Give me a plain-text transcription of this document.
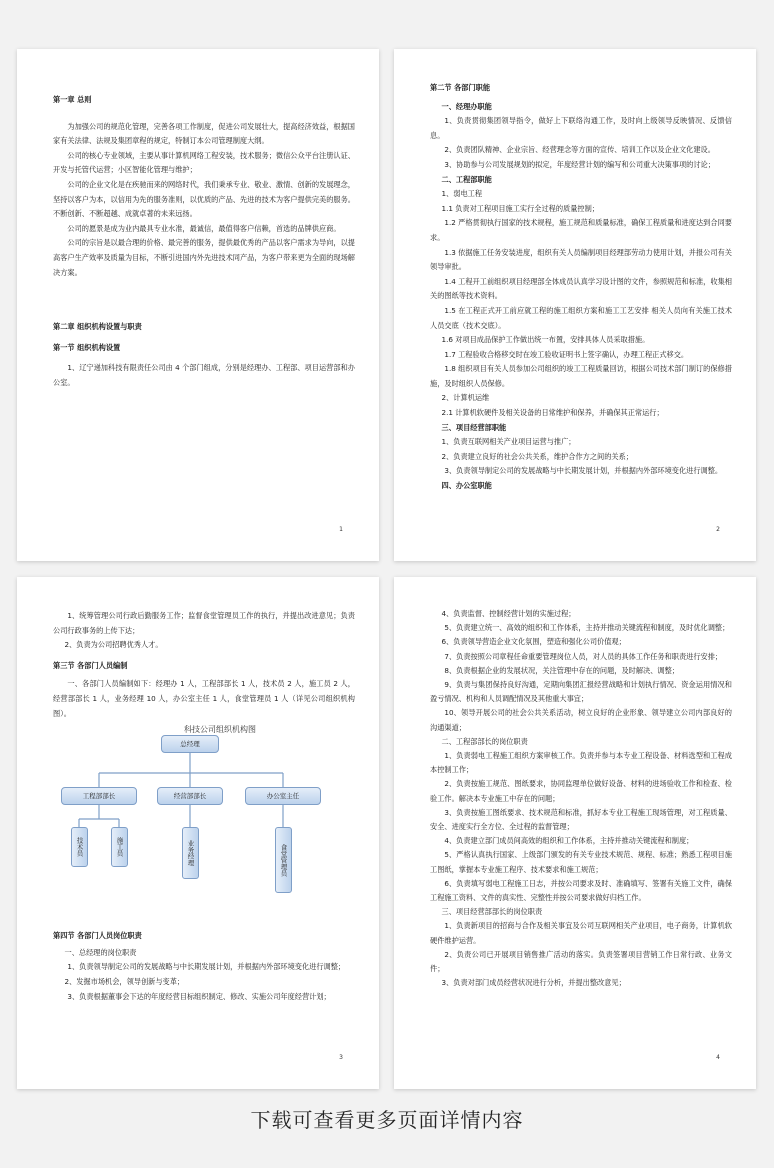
第一章 总则

为加强公司的规范化管理，完善各项工作制度，促进公司发展壮大，提高经济效益，根据国家有关法律、法规及集团章程的规定，特制订本公司管理制度大纲。

公司的核心专业领域，主要从事计算机网络工程安装，技术服务；微信公众平台注册认证、开发与托管代运营；小区智能化管理与维护；

公司的企业文化是在疾驰而来的网络时代，我们秉承专业、敬业、激情、创新的发展理念，坚持以客户为本，以信用为先的服务准则，以优质的产品、先进的技术为客户提供完美的服务。不断创新、不断超越、成就卓著的未来远扬。

公司的愿景是成为业内最具专业水准，最诚信，最值得客户信赖，首选的品牌供应商。

公司的宗旨是以最合理的价格、最完善的服务，提供最优秀的产品以客户需求为导向，以提高客户生产效率及质量为目标，不断引进国内外先进技术同产品，为客户带来更为全面的现场解决方案。

第二章 组织机构设置与职责

第一节 组织机构设置

1、辽宁递加科技有限责任公司由 4 个部门组成，分别是经理办、工程部、项目运营部和办公室。

1

第二节 各部门职能

一、经理办职能

1、负责贯彻集团领导指令，做好上下联络沟通工作，及时向上级领导反映情况、反馈信息。

2、负责团队精神、企业宗旨、经营理念等方面的宣传、培训工作以及企业文化建设。

3、协助参与公司发展规划的拟定，年度经营计划的编写和公司重大决策事项的讨论；

二、工程部职能

1、弱电工程

1.1 负责对工程项目施工实行全过程的质量控制；

1.2 严格贯彻执行国家的技术规程，施工规范和质量标准，确保工程质量和进度达到合同要求。

1.3 依据施工任务安装进度，组织有关人员编制项目经理部劳动力使用计划，并报公司有关领导审批。

1.4 工程开工前组织项目经理部全体成员认真学习设计图的文件，参照规范和标准，收集相关的图纸等技术资料。

1.5 在工程正式开工前应就工程的施工组织方案和施工工艺安排 相关人员向有关施工技术人员交底（技术交底）。

1.6 对项目成品保护工作做出统一布置，安排具体人员采取措施。

1.7 工程验收合格移交时在竣工验收证明书上签字确认，办理工程正式移交。

1.8 组织项目有关人员参加公司组织的竣工工程质量回访，根据公司技术部门制订的保修措施，及时组织人员保修。

2、计算机运维

2.1 计算机软硬件及相关设备的日常维护和保养，并确保其正常运行；

三、项目经营部职能

1、负责互联网相关产业项目运营与推广；

2、负责建立良好的社会公共关系，维护合作方之间的关系；

3、负责领导制定公司的发展战略与中长期发展计划，并根据内外部环境变化进行调整。

四、办公室职能

2

1、统筹管理公司行政后勤服务工作；监督食堂管理员工作的执行，并提出改进意见；负责公司行政事务的上传下达；

2、负责为公司招聘优秀人才。

第三节 各部门人员编制

一、各部门人员编制如下：经理办 1 人，工程部部长 1 人，技术员 2 人，施工员 2 人，经营部部长 1 人，业务经理 10 人，办公室主任 1 人，食堂管理员 1 人（详见公司组织机构图）。

科技公司组织机构图
总经理
工程部部长	经营部部长	办公室主任
技术员	施工员	业务经理	食堂管理员

第四节 各部门人员岗位职责

一、总经理的岗位职责

1、负责领导制定公司的发展战略与中长期发展计划，并根据内外部环境变化进行调整；

2、发掘市场机会，领导创新与变革；

3、负责根据董事会下达的年度经营目标组织制定、修改、实施公司年度经营计划；

3

4、负责监督、控制经营计划的实施过程；

5、负责建立统一、高效的组织和工作体系，主持并推动关键流程和制度，及时优化调整；

6、负责领导营造企业文化氛围，塑造和强化公司价值观；

7、负责按照公司章程任命重要管理岗位人员，对人员的具体工作任务和职责进行安排；

8、负责根据企业的发展状况，关注管理中存在的问题，及时解决、调整；

9、负责与集团保持良好沟通，定期向集团汇报经营战略和计划执行情况、资金运用情况和盈亏情况、机构和人员调配情况及其他重大事宜；

10、领导开展公司的社会公共关系活动，树立良好的企业形象、领导建立公司内部良好的沟通渠道；

二、工程部部长的岗位职责

1、负责弱电工程施工组织方案审核工作。负责并参与本专业工程设备、材料选型和工程成本控制工作；

2、负责按施工规范、图纸要求，协同监理单位做好设备、材料的进场验收工作和检查、检验工作。解决本专业施工中存在的问题；

3、负责按施工图纸要求、技术规范和标准，抓好本专业工程施工现场管理，对工程质量、安全、进度实行全方位、全过程的监督管理；

4、负责建立部门成员间高效的组织和工作体系，主持并推动关键流程和制度；

5、严格认真执行国家、上级部门颁发的有关专业技术规范、规程、标准；熟悉工程项目施工图纸，掌握本专业施工程序、技术要求和施工规范；

6、负责填写弱电工程施工日志，并按公司要求及时、准确填写、签署有关施工文件，确保工程施工资料、文件的真实性、完整性并按公司要求做好归档工作。

三、项目经营部部长的岗位职责

1、负责新项目的招商与合作及相关事宜及公司互联网相关产业项目，电子商务，计算机软硬件维护运营。

2、负责公司已开展项目销售推广活动的落实。负责签署项目营销工作日常行政、业务文件；

3、负责对部门成员经营状况进行分析，并提出整改意见；

4
下载可查看更多页面详情内容
